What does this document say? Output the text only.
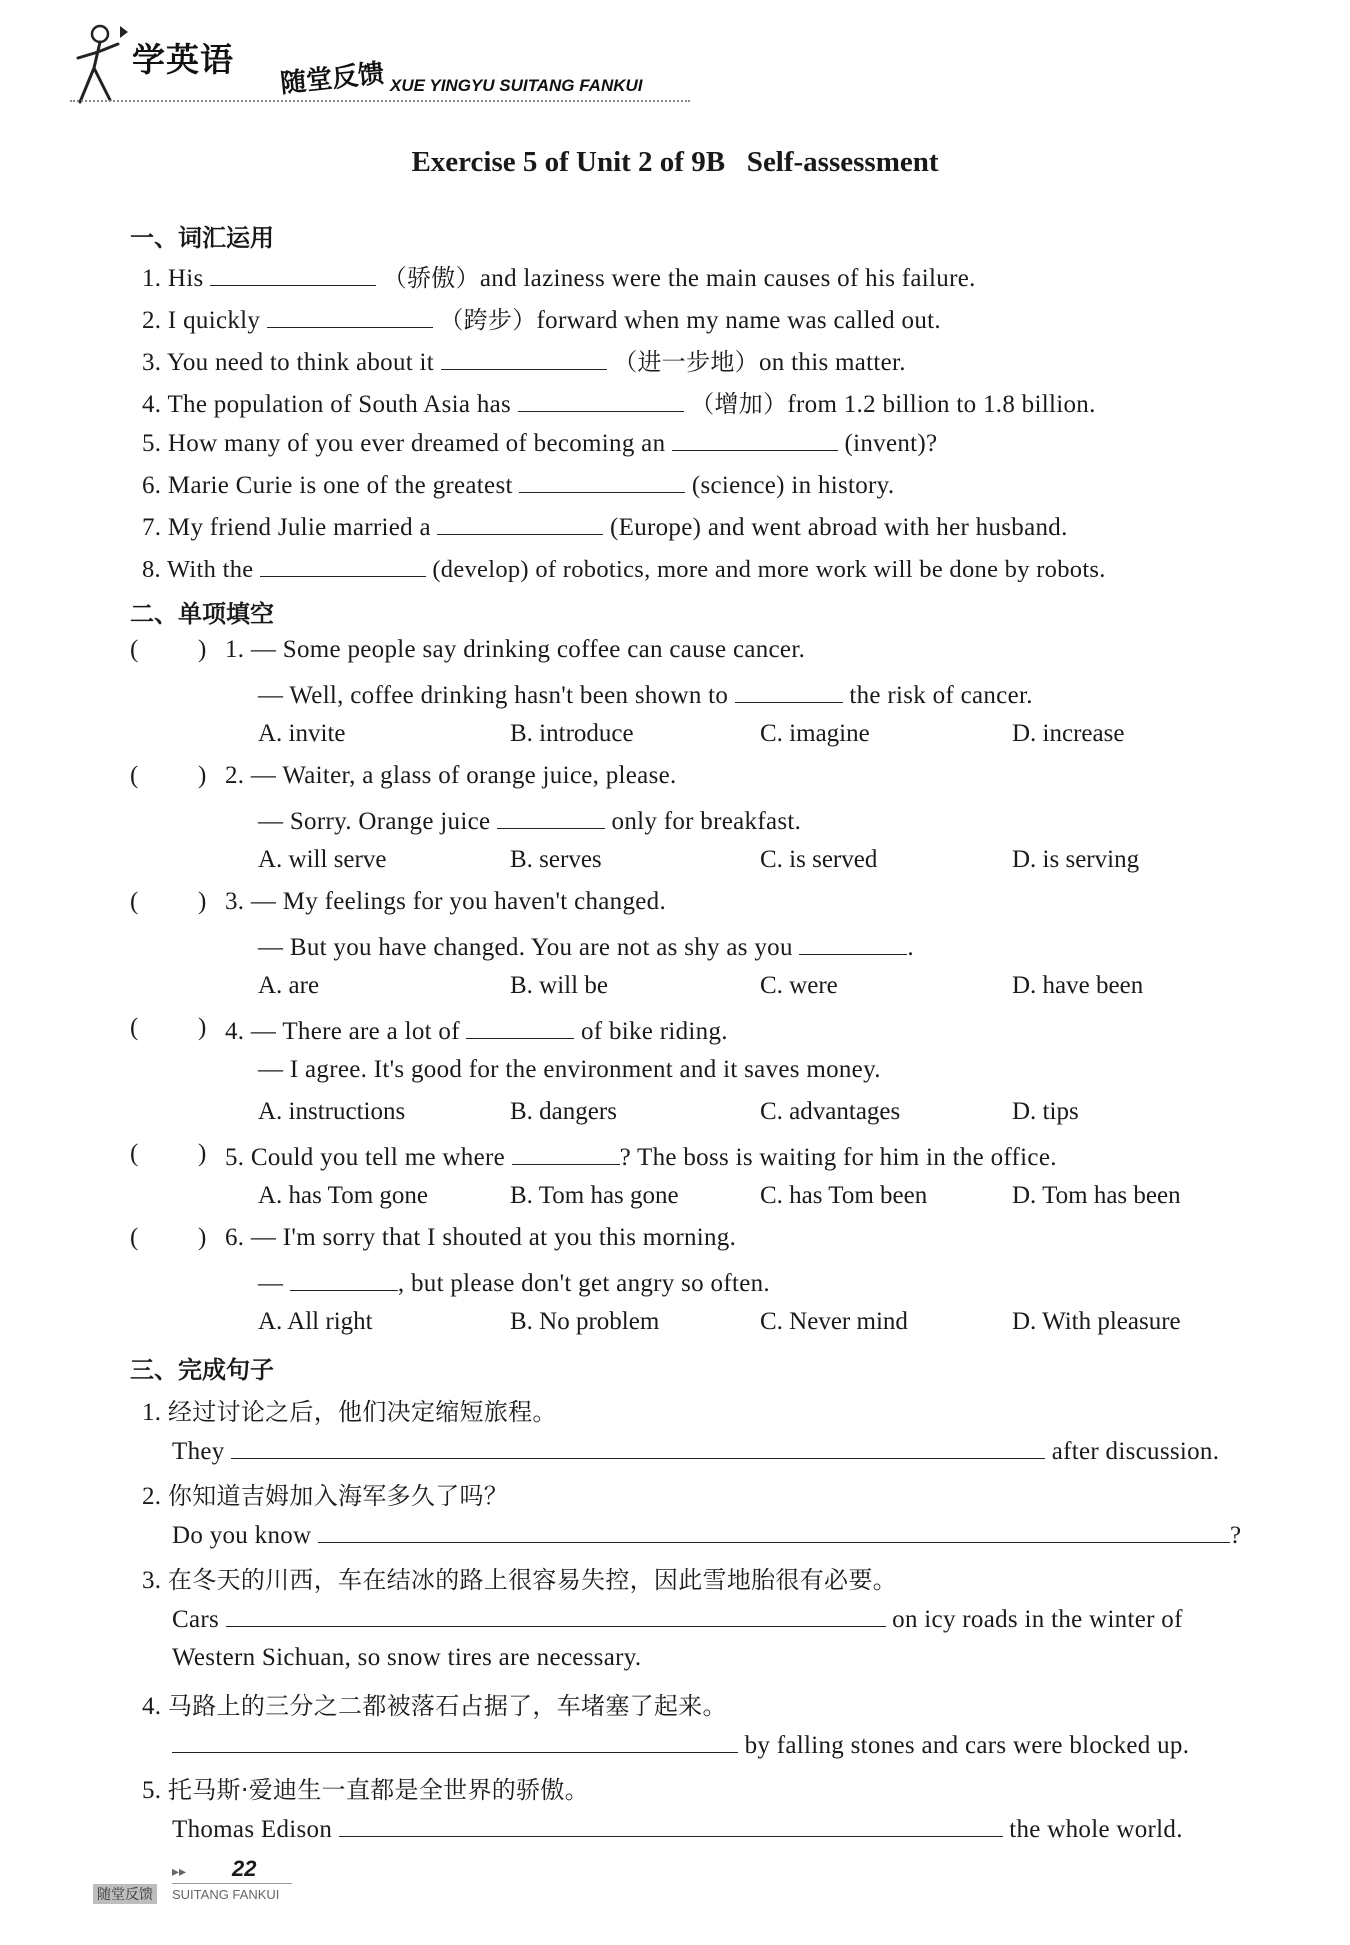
学英语 随堂反馈 XUE YINGYU SUITANG FANKUI
Exercise 5 of Unit 2 of 9B   Self-assessment
一、词汇运用
1. His	（骄傲）and laziness were the main causes of his failure.
2. I quickly	（跨步）forward when my name was called out.
3. You need to think about it	（进一步地）on this matter.
4. The population of South Asia has	（增加）from 1.2 billion to 1.8 billion.
5. How many of you ever dreamed of becoming an	(invent)?
6. Marie Curie is one of the greatest	(science) in history.
7. My friend Julie married a	(Europe) and went abroad with her husband.
8. With the	(develop) of robotics, more and more work will be done by robots.
二、单项填空
( ) 1. — Some people say drinking coffee can cause cancer.
— Well, coffee drinking hasn't been shown to	the risk of cancer.
A. invite	B. introduce	C. imagine	D. increase
( ) 2. — Waiter, a glass of orange juice, please.
— Sorry. Orange juice	only for breakfast.
A. will serve	B. serves	C. is served	D. is serving
( ) 3. — My feelings for you haven't changed.
— But you have changed. You are not as shy as you	.
A. are	B. will be	C. were	D. have been
( ) 4. — There are a lot of	of bike riding.
— I agree. It's good for the environment and it saves money.
A. instructions	B. dangers	C. advantages	D. tips
( ) 5. Could you tell me where	? The boss is waiting for him in the office.
A. has Tom gone	B. Tom has gone	C. has Tom been	D. Tom has been
( ) 6. — I'm sorry that I shouted at you this morning.
—	, but please don't get angry so often.
A. All right	B. No problem	C. Never mind	D. With pleasure
三、完成句子
1. 经过讨论之后，他们决定缩短旅程。
They	after discussion.
2. 你知道吉姆加入海军多久了吗？
Do you know	?
3. 在冬天的川西，车在结冰的路上很容易失控，因此雪地胎很有必要。
Cars	on icy roads in the winter of
Western Sichuan, so snow tires are necessary.
4. 马路上的三分之二都被落石占据了，车堵塞了起来。
by falling stones and cars were blocked up.
5. 托马斯·爱迪生一直都是全世界的骄傲。
Thomas Edison	the whole world.
▸▸ 22
随堂反馈	SUITANG FANKUI
